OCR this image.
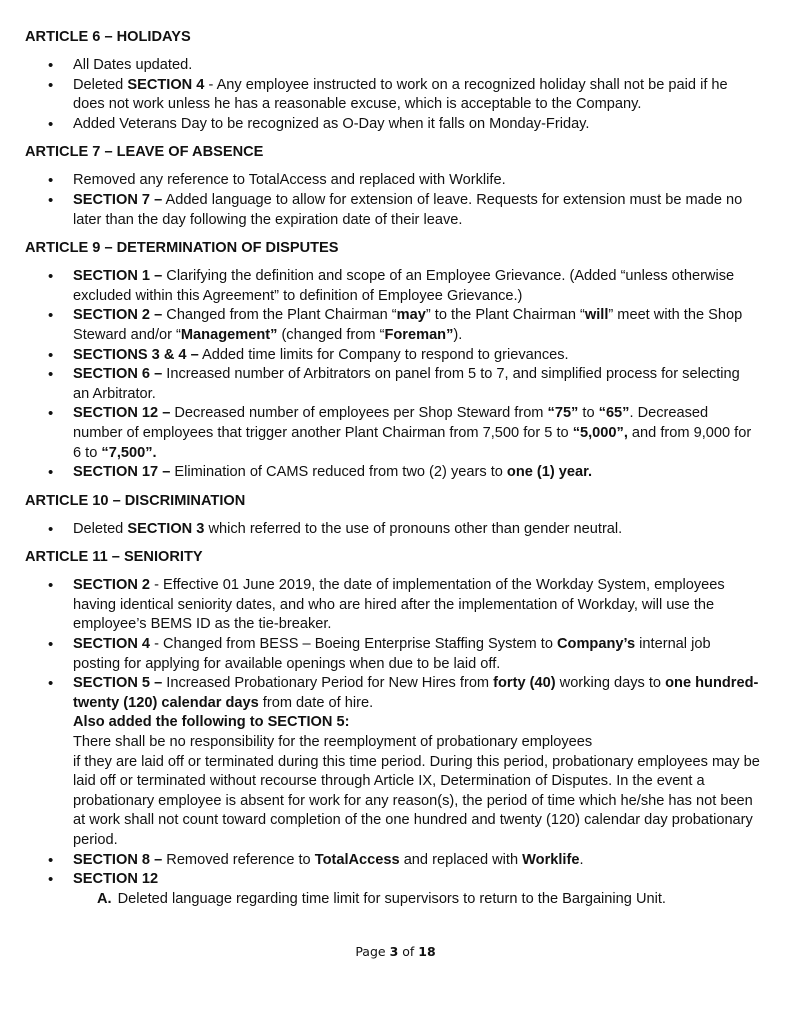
ARTICLE 6 – HOLIDAYS
• All Dates updated.
• Deleted SECTION 4 - Any employee instructed to work on a recognized holiday shall not be paid if he does not work unless he has a reasonable excuse, which is acceptable to the Company.
• Added Veterans Day to be recognized as O-Day when it falls on Monday-Friday.
ARTICLE 7 – LEAVE OF ABSENCE
• Removed any reference to TotalAccess and replaced with Worklife.
• SECTION 7 – Added language to allow for extension of leave. Requests for extension must be made no later than the day following the expiration date of their leave.
ARTICLE 9 – DETERMINATION OF DISPUTES
• SECTION 1 – Clarifying the definition and scope of an Employee Grievance. (Added “unless otherwise excluded within this Agreement” to definition of Employee Grievance.)
• SECTION 2 – Changed from the Plant Chairman “may” to the Plant Chairman “will” meet with the Shop Steward and/or “Management” (changed from “Foreman”).
• SECTIONS 3 & 4 – Added time limits for Company to respond to grievances.
• SECTION 6 – Increased number of Arbitrators on panel from 5 to 7, and simplified process for selecting an Arbitrator.
• SECTION 12 – Decreased number of employees per Shop Steward from “75” to “65”. Decreased number of employees that trigger another Plant Chairman from 7,500 for 5 to “5,000”, and from 9,000 for 6 to “7,500”.
• SECTION 17 – Elimination of CAMS reduced from two (2) years to one (1) year.
ARTICLE 10 – DISCRIMINATION
• Deleted SECTION 3 which referred to the use of pronouns other than gender neutral.
ARTICLE 11 – SENIORITY
• SECTION 2 - Effective 01 June 2019, the date of implementation of the Workday System, employees having identical seniority dates, and who are hired after the implementation of Workday, will use the employee’s BEMS ID as the tie-breaker.
• SECTION 4 - Changed from BESS – Boeing Enterprise Staffing System to Company’s internal job posting for applying for available openings when due to be laid off.
• SECTION 5 – Increased Probationary Period for New Hires from forty (40) working days to one hundred-twenty (120) calendar days from date of hire.
Also added the following to SECTION 5:
There shall be no responsibility for the reemployment of probationary employees
if they are laid off or terminated during this time period. During this period, probationary employees may be laid off or terminated without recourse through Article IX, Determination of Disputes. In the event a probationary employee is absent for work for any reason(s), the period of time which he/she has not been at work shall not count toward completion of the one hundred and twenty (120) calendar day probationary period.
• SECTION 8 – Removed reference to TotalAccess and replaced with Worklife.
• SECTION 12
A. Deleted language regarding time limit for supervisors to return to the Bargaining Unit.
Page 3 of 18
